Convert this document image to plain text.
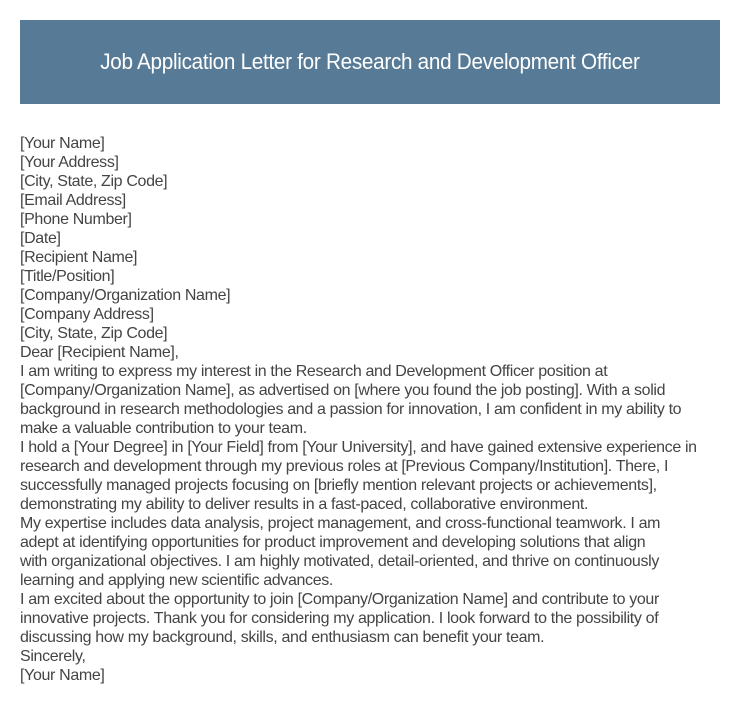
Job Application Letter for Research and Development Officer
[Your Name]
[Your Address]
[City, State, Zip Code]
[Email Address]
[Phone Number]
[Date]
[Recipient Name]
[Title/Position]
[Company/Organization Name]
[Company Address]
[City, State, Zip Code]
Dear [Recipient Name],

I am writing to express my interest in the Research and Development Officer position at
[Company/Organization Name], as advertised on [where you found the job posting]. With a solid
background in research methodologies and a passion for innovation, I am confident in my ability to
make a valuable contribution to your team.

I hold a [Your Degree] in [Your Field] from [Your University], and have gained extensive experience in
research and development through my previous roles at [Previous Company/Institution]. There, I
successfully managed projects focusing on [briefly mention relevant projects or achievements],
demonstrating my ability to deliver results in a fast-paced, collaborative environment.

My expertise includes data analysis, project management, and cross-functional teamwork. I am
adept at identifying opportunities for product improvement and developing solutions that align
with organizational objectives. I am highly motivated, detail-oriented, and thrive on continuously
learning and applying new scientific advances.

I am excited about the opportunity to join [Company/Organization Name] and contribute to your
innovative projects. Thank you for considering my application. I look forward to the possibility of
discussing how my background, skills, and enthusiasm can benefit your team.

Sincerely,
[Your Name]
